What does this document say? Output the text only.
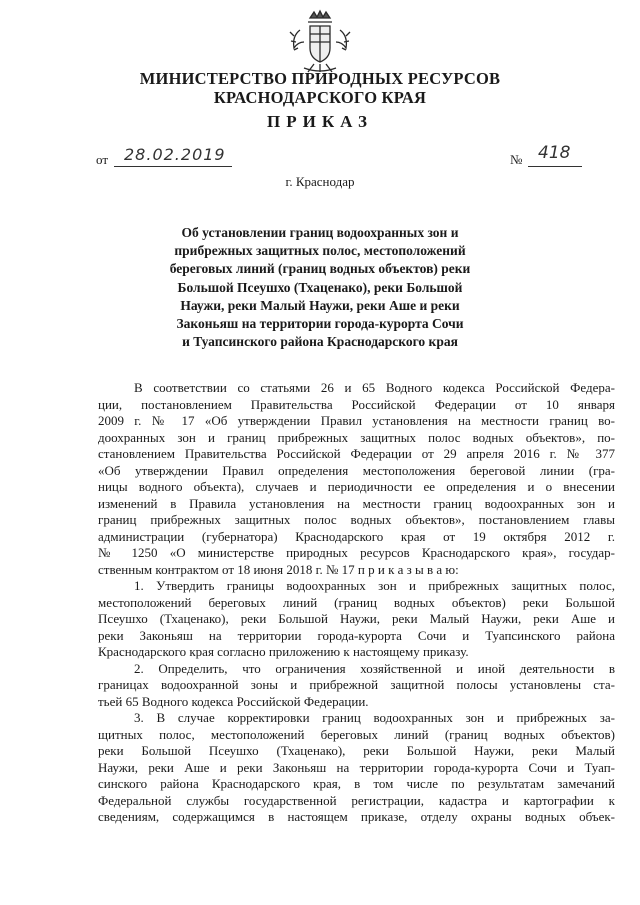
МИНИСТЕРСТВО ПРИРОДНЫХ РЕСУРСОВ
КРАСНОДАРСКОГО КРАЯ
ПРИКАЗ
от 28.02.2019	№ 418
г. Краснодар
Об установлении границ водоохранных зон и
прибрежных защитных полос, местоположений
береговых линий (границ водных объектов) реки
Большой Псеушхо (Тхаценако), реки Большой
Наужи, реки Малый Наужи, реки Аше и реки
Законьяш на территории города-курорта Сочи
и Туапсинского района Краснодарского края

В соответствии со статьями 26 и 65 Водного кодекса Российской Федера-

ции, постановлением Правительства Российской Федерации от 10 января

2009 г. № 17 «Об утверждении Правил установления на местности границ во-

доохранных зон и границ прибрежных защитных полос водных объектов», по-

становлением Правительства Российской Федерации от 29 апреля 2016 г. № 377

«Об утверждении Правил определения местоположения береговой линии (гра-

ницы водного объекта), случаев и периодичности ее определения и о внесении

изменений в Правила установления на местности границ водоохранных зон и

границ прибрежных защитных полос водных объектов», постановлением главы

администрации (губернатора) Краснодарского края от 19 октября 2012 г.

№ 1250 «О министерстве природных ресурсов Краснодарского края», государ-

ственным контрактом от 18 июня 2018 г. № 17 п р и к а з ы в а ю:

1. Утвердить границы водоохранных зон и прибрежных защитных полос,

местоположений береговых линий (границ водных объектов) реки Большой

Псеушхо (Тхаценако), реки Большой Наужи, реки Малый Наужи, реки Аше и

реки Законьяш на территории города-курорта Сочи и Туапсинского района

Краснодарского края согласно приложению к настоящему приказу.

2. Определить, что ограничения хозяйственной и иной деятельности в

границах водоохранной зоны и прибрежной защитной полосы установлены ста-

тьей 65 Водного кодекса Российской Федерации.

3. В случае корректировки границ водоохранных зон и прибрежных за-

щитных полос, местоположений береговых линий (границ водных объектов)

реки Большой Псеушхо (Тхаценако), реки Большой Наужи, реки Малый

Наужи, реки Аше и реки Законьяш на территории города-курорта Сочи и Туап-

синского района Краснодарского края, в том числе по результатам замечаний

Федеральной службы государственной регистрации, кадастра и картографии к

сведениям, содержащимся в настоящем приказе, отделу охраны водных объек-
